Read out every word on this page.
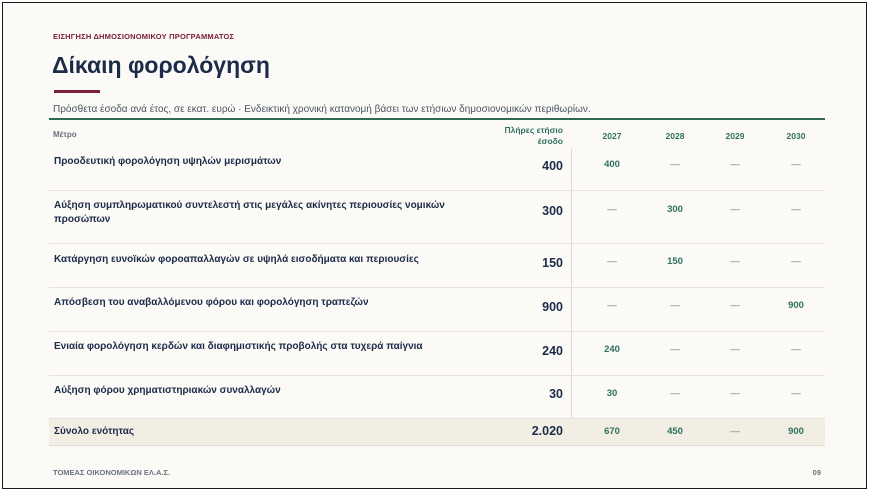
ΕΙΣΗΓΗΣΗ ΔΗΜΟΣΙΟΝΟΜΙΚΟΥ ΠΡΟΓΡΑΜΜΑΤΟΣ
Δίκαιη φορολόγηση
Πρόσθετα έσοδα ανά έτος, σε εκατ. ευρώ · Ενδεικτική χρονική κατανομή βάσει των ετήσιων δημοσιονομικών περιθωρίων.
Μέτρο	Πλήρες ετήσιο
έσοδο	2027	2028	2029	2030
Προοδευτική φορολόγηση υψηλών μερισμάτων	400	400	—	—	—
Αύξηση συμπληρωματικού συντελεστή στις μεγάλες ακίνητες περιουσίες νομικών
προσώπων
300	—	300	—	—
Κατάργηση ευνοϊκών φοροαπαλλαγών σε υψηλά εισοδήματα και περιουσίες	150	—	150	—	—
Απόσβεση του αναβαλλόμενου φόρου και φορολόγηση τραπεζών	900	—	—	—	900
Ενιαία φορολόγηση κερδών και διαφημιστικής προβολής στα τυχερά παίγνια	240	240	—	—	—
Αύξηση φόρου χρηματιστηριακών συναλλαγών	30	30	—	—	—
Σύνολο ενότητας	2.020	670	450	—	900
ΤΟΜΕΑΣ ΟΙΚΟΝΟΜΙΚΩΝ ΕΛ.Α.Σ.	09
